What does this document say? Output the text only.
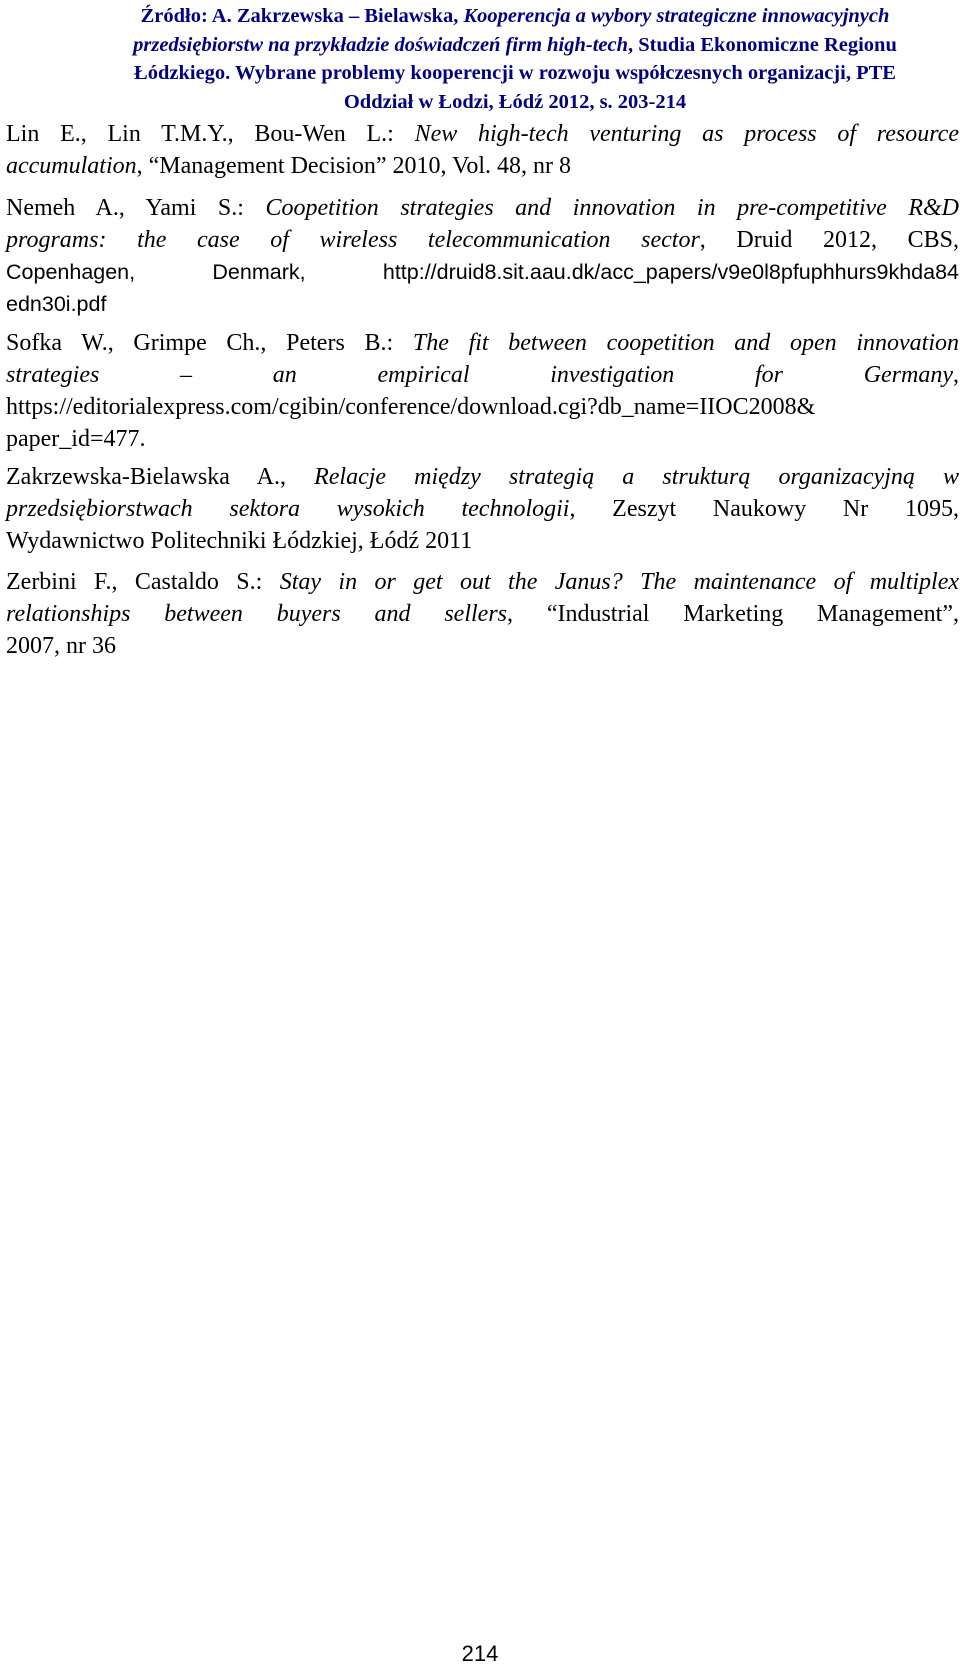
Źródło: A. Zakrzewska – Bielawska, Kooperencja a wybory strategiczne innowacyjnych
przedsiębiorstw na przykładzie doświadczeń firm high-tech, Studia Ekonomiczne Regionu
Łódzkiego. Wybrane problemy kooperencji w rozwoju współczesnych organizacji, PTE
Oddział w Łodzi, Łódź 2012, s. 203-214
Lin E., Lin T.M.Y., Bou-Wen L.: New high-tech venturing as process of resource
accumulation, “Management Decision” 2010, Vol. 48, nr 8
Nemeh A., Yami S.: Coopetition strategies and innovation in pre-competitive R&D
programs: the case of wireless telecommunication sector, Druid 2012, CBS,
Copenhagen, Denmark, http://druid8.sit.aau.dk/acc_papers/v9e0l8pfuphhurs9khda84
edn30i.pdf
Sofka W., Grimpe Ch., Peters B.: The fit between coopetition and open innovation
strategies – an empirical investigation for Germany,
https://editorialexpress.com/cgibin/conference/download.cgi?db_name=IIOC2008&
paper_id=477.
Zakrzewska-Bielawska A., Relacje między strategią a strukturą organizacyjną w
przedsiębiorstwach sektora wysokich technologii, Zeszyt Naukowy Nr 1095,
Wydawnictwo Politechniki Łódzkiej, Łódź 2011
Zerbini F., Castaldo S.: Stay in or get out the Janus? The maintenance of multiplex
relationships between buyers and sellers, “Industrial Marketing Management”,
2007, nr 36
214
